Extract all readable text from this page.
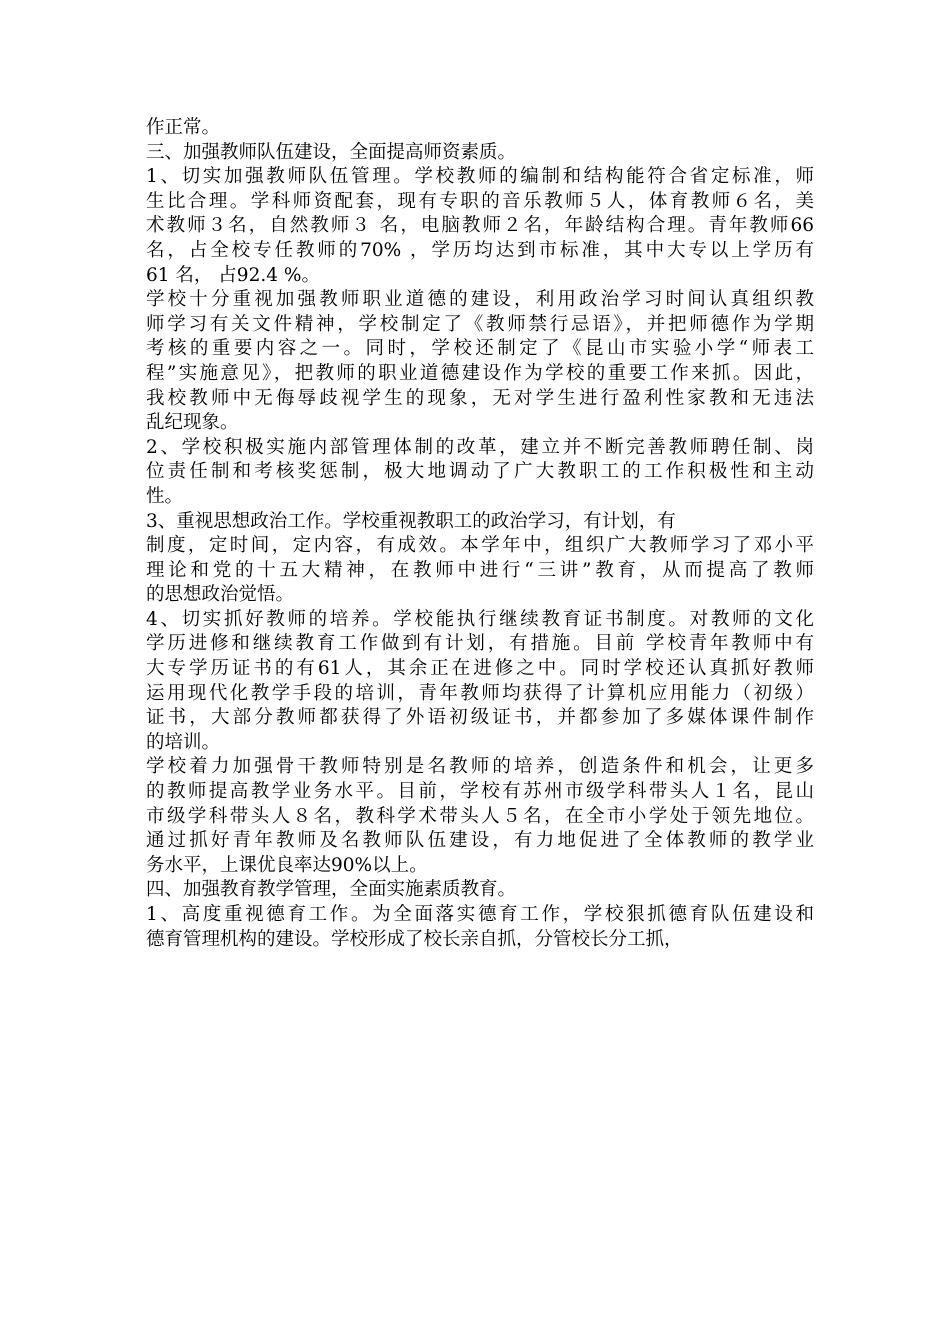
作正常。
三、加强教师队伍建设，全面提高师资素质。
1、切实加强教师队伍管理。学校教师的编制和结构能符合省定标准，师
生比合理。学科师资配套，现有专职的音乐教师５人，体育教师６名，美
术教师３名，自然教师３ 名，电脑教师２名，年龄结构合理。青年教师66
名，占全校专任教师的70% ，学历均达到市标准，其中大专以上学历有
61 名， 占92.4 %。
学校十分重视加强教师职业道德的建设，利用政治学习时间认真组织教
师学习有关文件精神，学校制定了《教师禁行忌语》，并把师德作为学期
考核的重要内容之一。同时，学校还制定了《昆山市实验小学“师表工
程”实施意见》，把教师的职业道德建设作为学校的重要工作来抓。因此，
我校教师中无侮辱歧视学生的现象，无对学生进行盈利性家教和无违法
乱纪现象。
2、学校积极实施内部管理体制的改革，建立并不断完善教师聘任制、岗
位责任制和考核奖惩制，极大地调动了广大教职工的工作积极性和主动
性。
3、重视思想政治工作。学校重视教职工的政治学习，有计划，有
制度，定时间，定内容，有成效。本学年中，组织广大教师学习了邓小平
理论和党的十五大精神，在教师中进行“三讲”教育，从而提高了教师
的思想政治觉悟。
4、切实抓好教师的培养。学校能执行继续教育证书制度。对教师的文化
学历进修和继续教育工作做到有计划，有措施。目前 学校青年教师中有
大专学历证书的有61人，其余正在进修之中。同时学校还认真抓好教师
运用现代化教学手段的培训，青年教师均获得了计算机应用能力（初级）
证书，大部分教师都获得了外语初级证书，并都参加了多媒体课件制作
的培训。
学校着力加强骨干教师特别是名教师的培养，创造条件和机会，让更多
的教师提高教学业务水平。目前，学校有苏州市级学科带头人１名，昆山
市级学科带头人８名，教科学术带头人５名，在全市小学处于领先地位。
通过抓好青年教师及名教师队伍建设，有力地促进了全体教师的教学业
务水平，上课优良率达90%以上。
四、加强教育教学管理，全面实施素质教育。
1、高度重视德育工作。为全面落实德育工作，学校狠抓德育队伍建设和
德育管理机构的建设。学校形成了校长亲自抓，分管校长分工抓，
